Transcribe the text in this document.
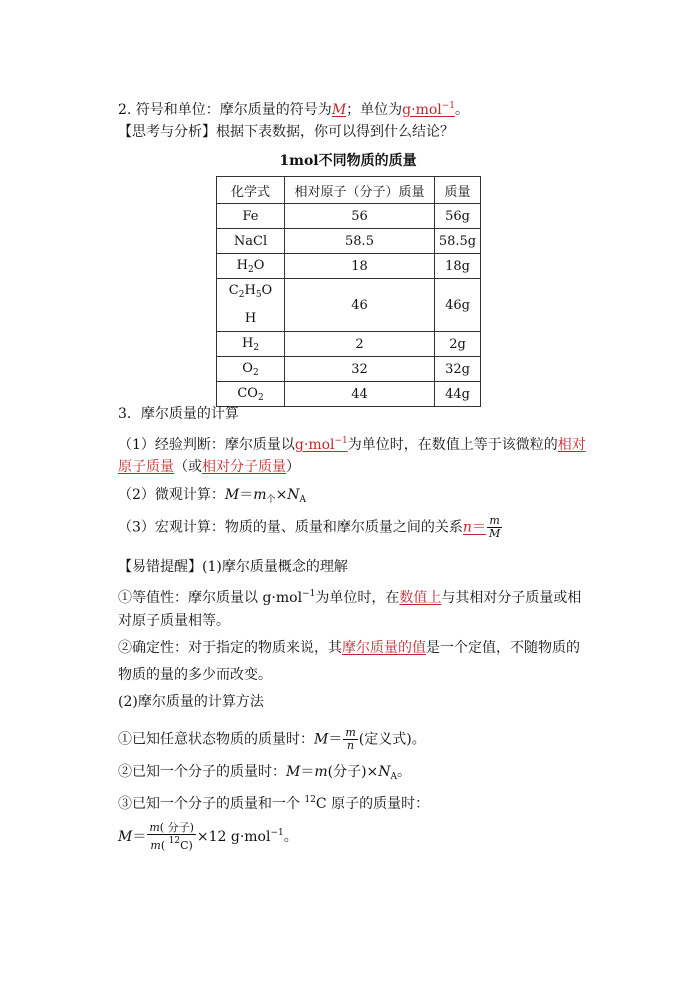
2. 符号和单位：摩尔质量的符号为M；单位为g·mol$^{-1}$。
【思考与分析】根据下表数据，你可以得到什么结论？
1mol不同物质的质量
化学式	相对原子（分子）质量	质量
Fe	56	56g
NaCl	58.5	58.5g
$H_2O$	18	18g
$C_2H_5O$
H	46	46g
$H_2$	2	2g
$O_2$	32	32g
$CO_2$	44	44g
3．摩尔质量的计算
（1）经验判断：摩尔质量以g·mol$^{-1}$为单位时，在数值上等于该微粒的相对
原子质量（或相对分子质量）
（2）微观计算：$M=m_个\times N_A$
（3）宏观计算：物质的量、质量和摩尔质量之间的关系$n= \frac{m}{M}$
【易错提醒】(1)摩尔质量概念的理解
①等值性：摩尔质量以 g·mol$^{-1}$为单位时，在数值上与其相对分子质量或相
对原子质量相等。
②确定性：对于指定的物质来说，其摩尔质量的值是一个定值，不随物质的
物质的量的多少而改变。
(2)摩尔质量的计算方法
①已知任意状态物质的质量时：$M= \frac{m}{n}$ (定义式)。
②已知一个分子的质量时：M＝m(分子)$\times N_A$。
③已知一个分子的质量和一个 $^{12}$C 原子的质量时：
$M= \frac{\text{m( 分子)}}{m( ^{12}C)} \times 12$ g·mol$^{-1}$。
